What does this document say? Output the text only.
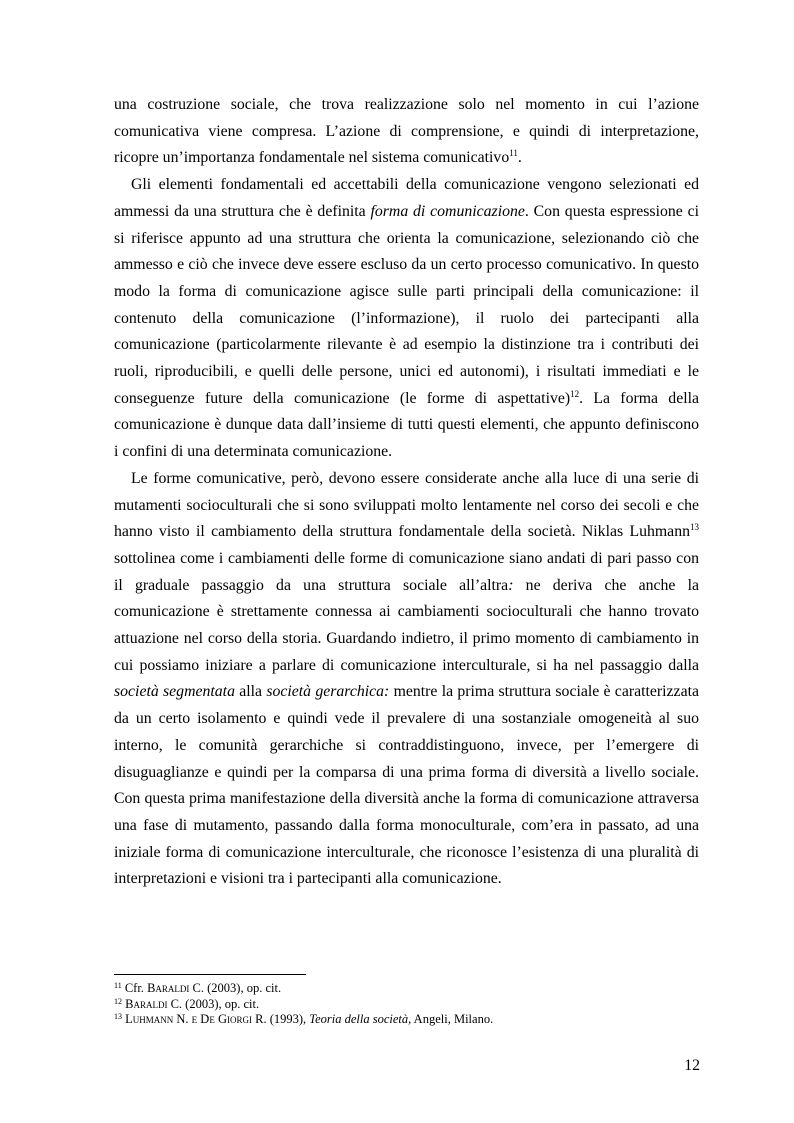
una costruzione sociale, che trova realizzazione solo nel momento in cui l’azione comunicativa viene compresa. L’azione di comprensione, e quindi di interpretazione, ricopre un’importanza fondamentale nel sistema comunicativo$^{11}$.

Gli elementi fondamentali ed accettabili della comunicazione vengono selezionati ed ammessi da una struttura che è definita forma di comunicazione. Con questa espressione ci si riferisce appunto ad una struttura che orienta la comunicazione, selezionando ciò che ammesso e ciò che invece deve essere escluso da un certo processo comunicativo. In questo modo la forma di comunicazione agisce sulle parti principali della comunicazione: il contenuto della comunicazione (l’informazione), il ruolo dei partecipanti alla comunicazione (particolarmente rilevante è ad esempio la distinzione tra i contributi dei ruoli, riproducibili, e quelli delle persone, unici ed autonomi), i risultati immediati e le conseguenze future della comunicazione (le forme di aspettative)$^{12}$. La forma della comunicazione è dunque data dall’insieme di tutti questi elementi, che appunto definiscono i confini di una determinata comunicazione.

Le forme comunicative, però, devono essere considerate anche alla luce di una serie di mutamenti socioculturali che si sono sviluppati molto lentamente nel corso dei secoli e che hanno visto il cambiamento della struttura fondamentale della società. Niklas Luhmann$^{13}$ sottolinea come i cambiamenti delle forme di comunicazione siano andati di pari passo con il graduale passaggio da una struttura sociale all’altra: ne deriva che anche la comunicazione è strettamente connessa ai cambiamenti socioculturali che hanno trovato attuazione nel corso della storia. Guardando indietro, il primo momento di cambiamento in cui possiamo iniziare a parlare di comunicazione interculturale, si ha nel passaggio dalla società segmentata alla società gerarchica: mentre la prima struttura sociale è caratterizzata da un certo isolamento e quindi vede il prevalere di una sostanziale omogeneità al suo interno, le comunità gerarchiche si contraddistinguono, invece, per l’emergere di disuguaglianze e quindi per la comparsa di una prima forma di diversità a livello sociale. Con questa prima manifestazione della diversità anche la forma di comunicazione attraversa una fase di mutamento, passando dalla forma monoculturale, com’era in passato, ad una iniziale forma di comunicazione interculturale, che riconosce l’esistenza di una pluralità di interpretazioni e visioni tra i partecipanti alla comunicazione.

$^{11}$ Cfr. Baraldi C. (2003), op. cit.
$^{12}$ Baraldi C. (2003), op. cit.
$^{13}$ Luhmann N. e De Giorgi R. (1993), Teoria della società, Angeli, Milano.
12
